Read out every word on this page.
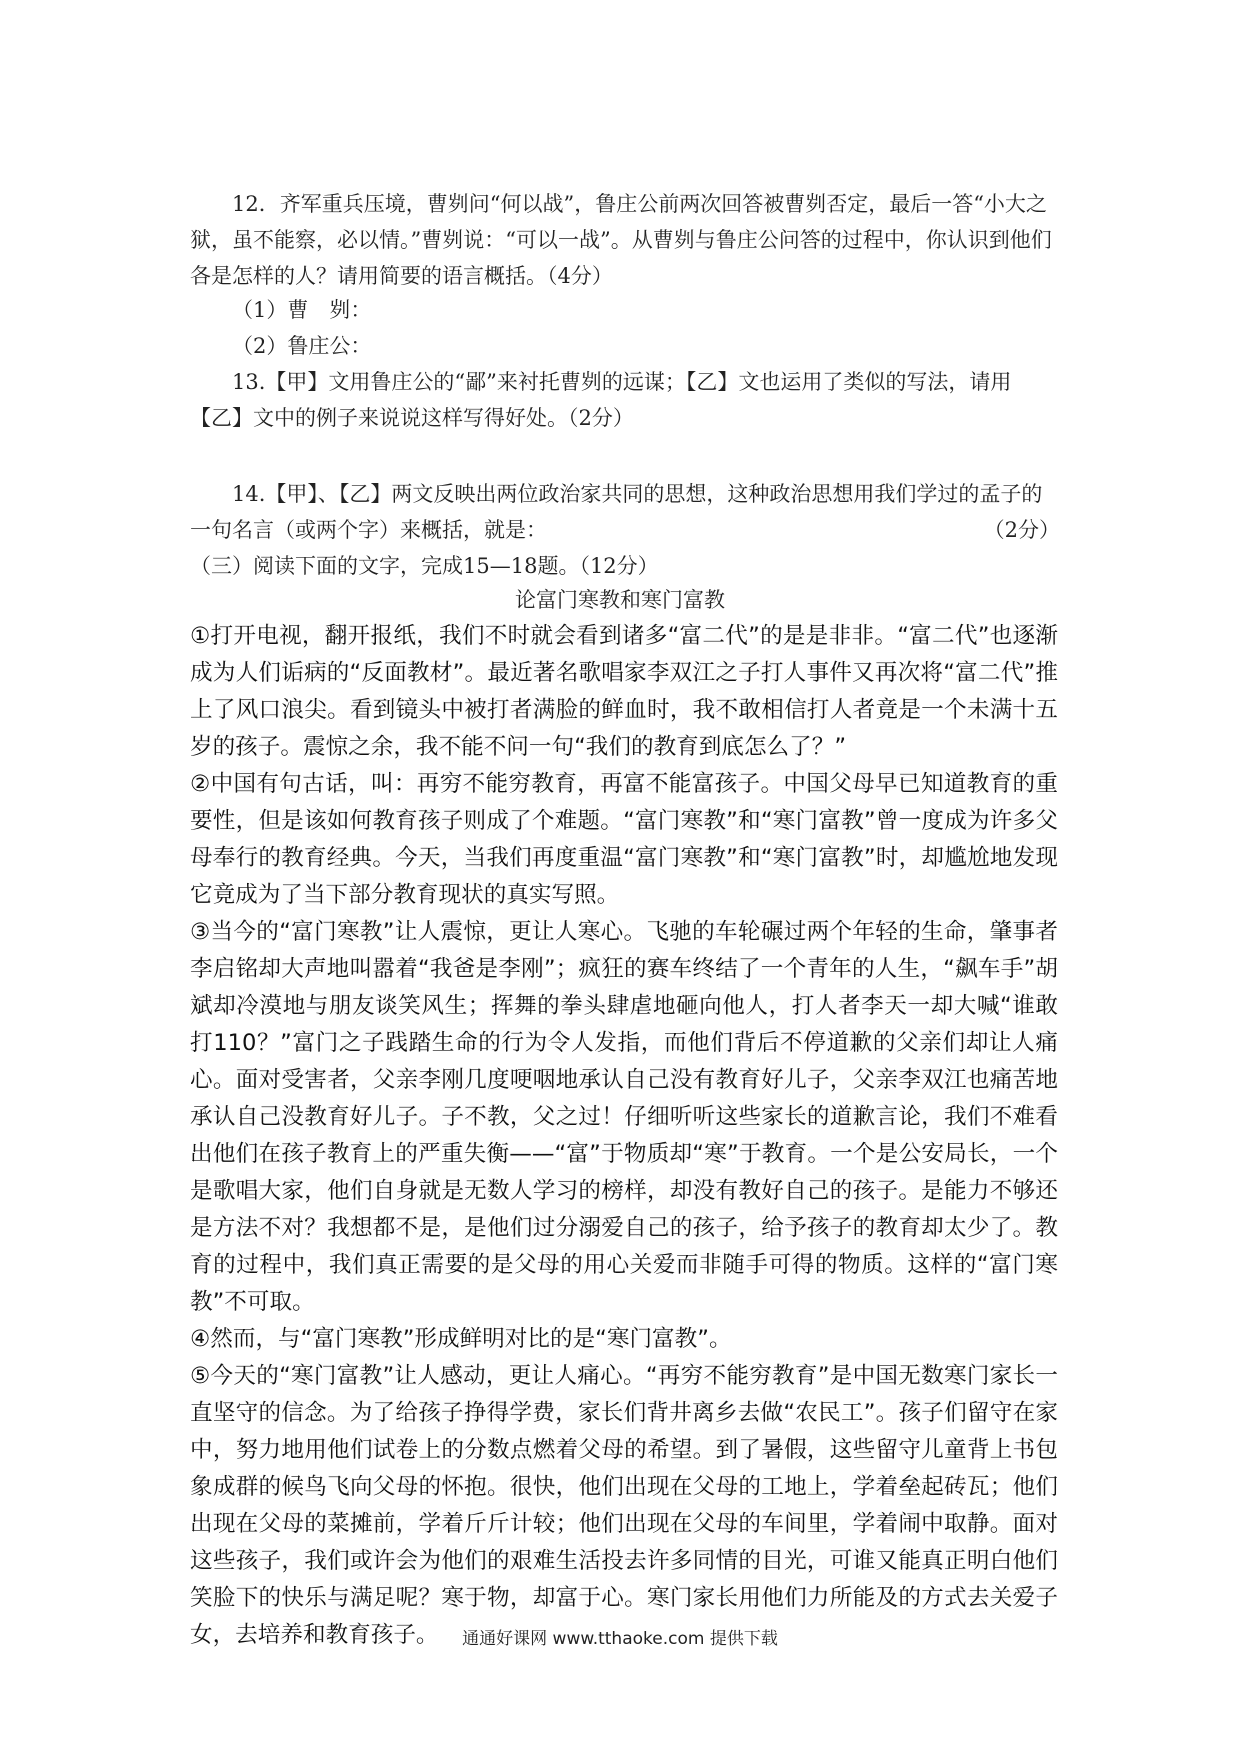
12．齐军重兵压境，曹刿问“何以战”，鲁庄公前两次回答被曹刿否定，最后一答“小大之狱，虽不能察，必以情。”曹刿说：“可以一战”。从曹刿与鲁庄公问答的过程中，你认识到他们各是怎样的人？请用简要的语言概括。（4分）
（1）曹　刿：
（2）鲁庄公：
13.【甲】文用鲁庄公的“鄙”来衬托曹刿的远谋；【乙】文也运用了类似的写法，请用【乙】文中的例子来说说这样写得好处。（2分）
14.【甲】、【乙】两文反映出两位政治家共同的思想，这种政治思想用我们学过的孟子的一句名言（或两个字）来概括，就是：	（2分）
（三）阅读下面的文字，完成15—18题。（12分）
论富门寒教和寒门富教

①打开电视，翻开报纸，我们不时就会看到诸多“富二代”的是是非非。“富二代”也逐渐成为人们诟病的“反面教材”。最近著名歌唱家李双江之子打人事件又再次将“富二代”推上了风口浪尖。看到镜头中被打者满脸的鲜血时，我不敢相信打人者竟是一个未满十五岁的孩子。震惊之余，我不能不问一句“我们的教育到底怎么了？”

②中国有句古话，叫：再穷不能穷教育，再富不能富孩子。中国父母早已知道教育的重要性，但是该如何教育孩子则成了个难题。“富门寒教”和“寒门富教”曾一度成为许多父母奉行的教育经典。今天，当我们再度重温“富门寒教”和“寒门富教”时，却尴尬地发现它竟成为了当下部分教育现状的真实写照。

③当今的“富门寒教”让人震惊，更让人寒心。飞驰的车轮碾过两个年轻的生命，肇事者李启铭却大声地叫嚣着“我爸是李刚”；疯狂的赛车终结了一个青年的人生，“飙车手”胡斌却冷漠地与朋友谈笑风生；挥舞的拳头肆虐地砸向他人，打人者李天一却大喊“谁敢打110？”富门之子践踏生命的行为令人发指，而他们背后不停道歉的父亲们却让人痛心。面对受害者，父亲李刚几度哽咽地承认自己没有教育好儿子，父亲李双江也痛苦地承认自己没教育好儿子。子不教，父之过！仔细听听这些家长的道歉言论，我们不难看出他们在孩子教育上的严重失衡——“富”于物质却“寒”于教育。一个是公安局长，一个是歌唱大家，他们自身就是无数人学习的榜样，却没有教好自己的孩子。是能力不够还是方法不对？我想都不是，是他们过分溺爱自己的孩子，给予孩子的教育却太少了。教育的过程中，我们真正需要的是父母的用心关爱而非随手可得的物质。这样的“富门寒教”不可取。

④然而，与“富门寒教”形成鲜明对比的是“寒门富教”。

⑤今天的“寒门富教”让人感动，更让人痛心。“再穷不能穷教育”是中国无数寒门家长一直坚守的信念。为了给孩子挣得学费，家长们背井离乡去做“农民工”。孩子们留守在家中，努力地用他们试卷上的分数点燃着父母的希望。到了暑假，这些留守儿童背上书包象成群的候鸟飞向父母的怀抱。很快，他们出现在父母的工地上，学着垒起砖瓦；他们出现在父母的菜摊前，学着斤斤计较；他们出现在父母的车间里，学着闹中取静。面对这些孩子，我们或许会为他们的艰难生活投去许多同情的目光，可谁又能真正明白他们笑脸下的快乐与满足呢？寒于物，却富于心。寒门家长用他们力所能及的方式去关爱子女，去培养和教育孩子。	通通好课网 www.tthaoke.com 提供下载
